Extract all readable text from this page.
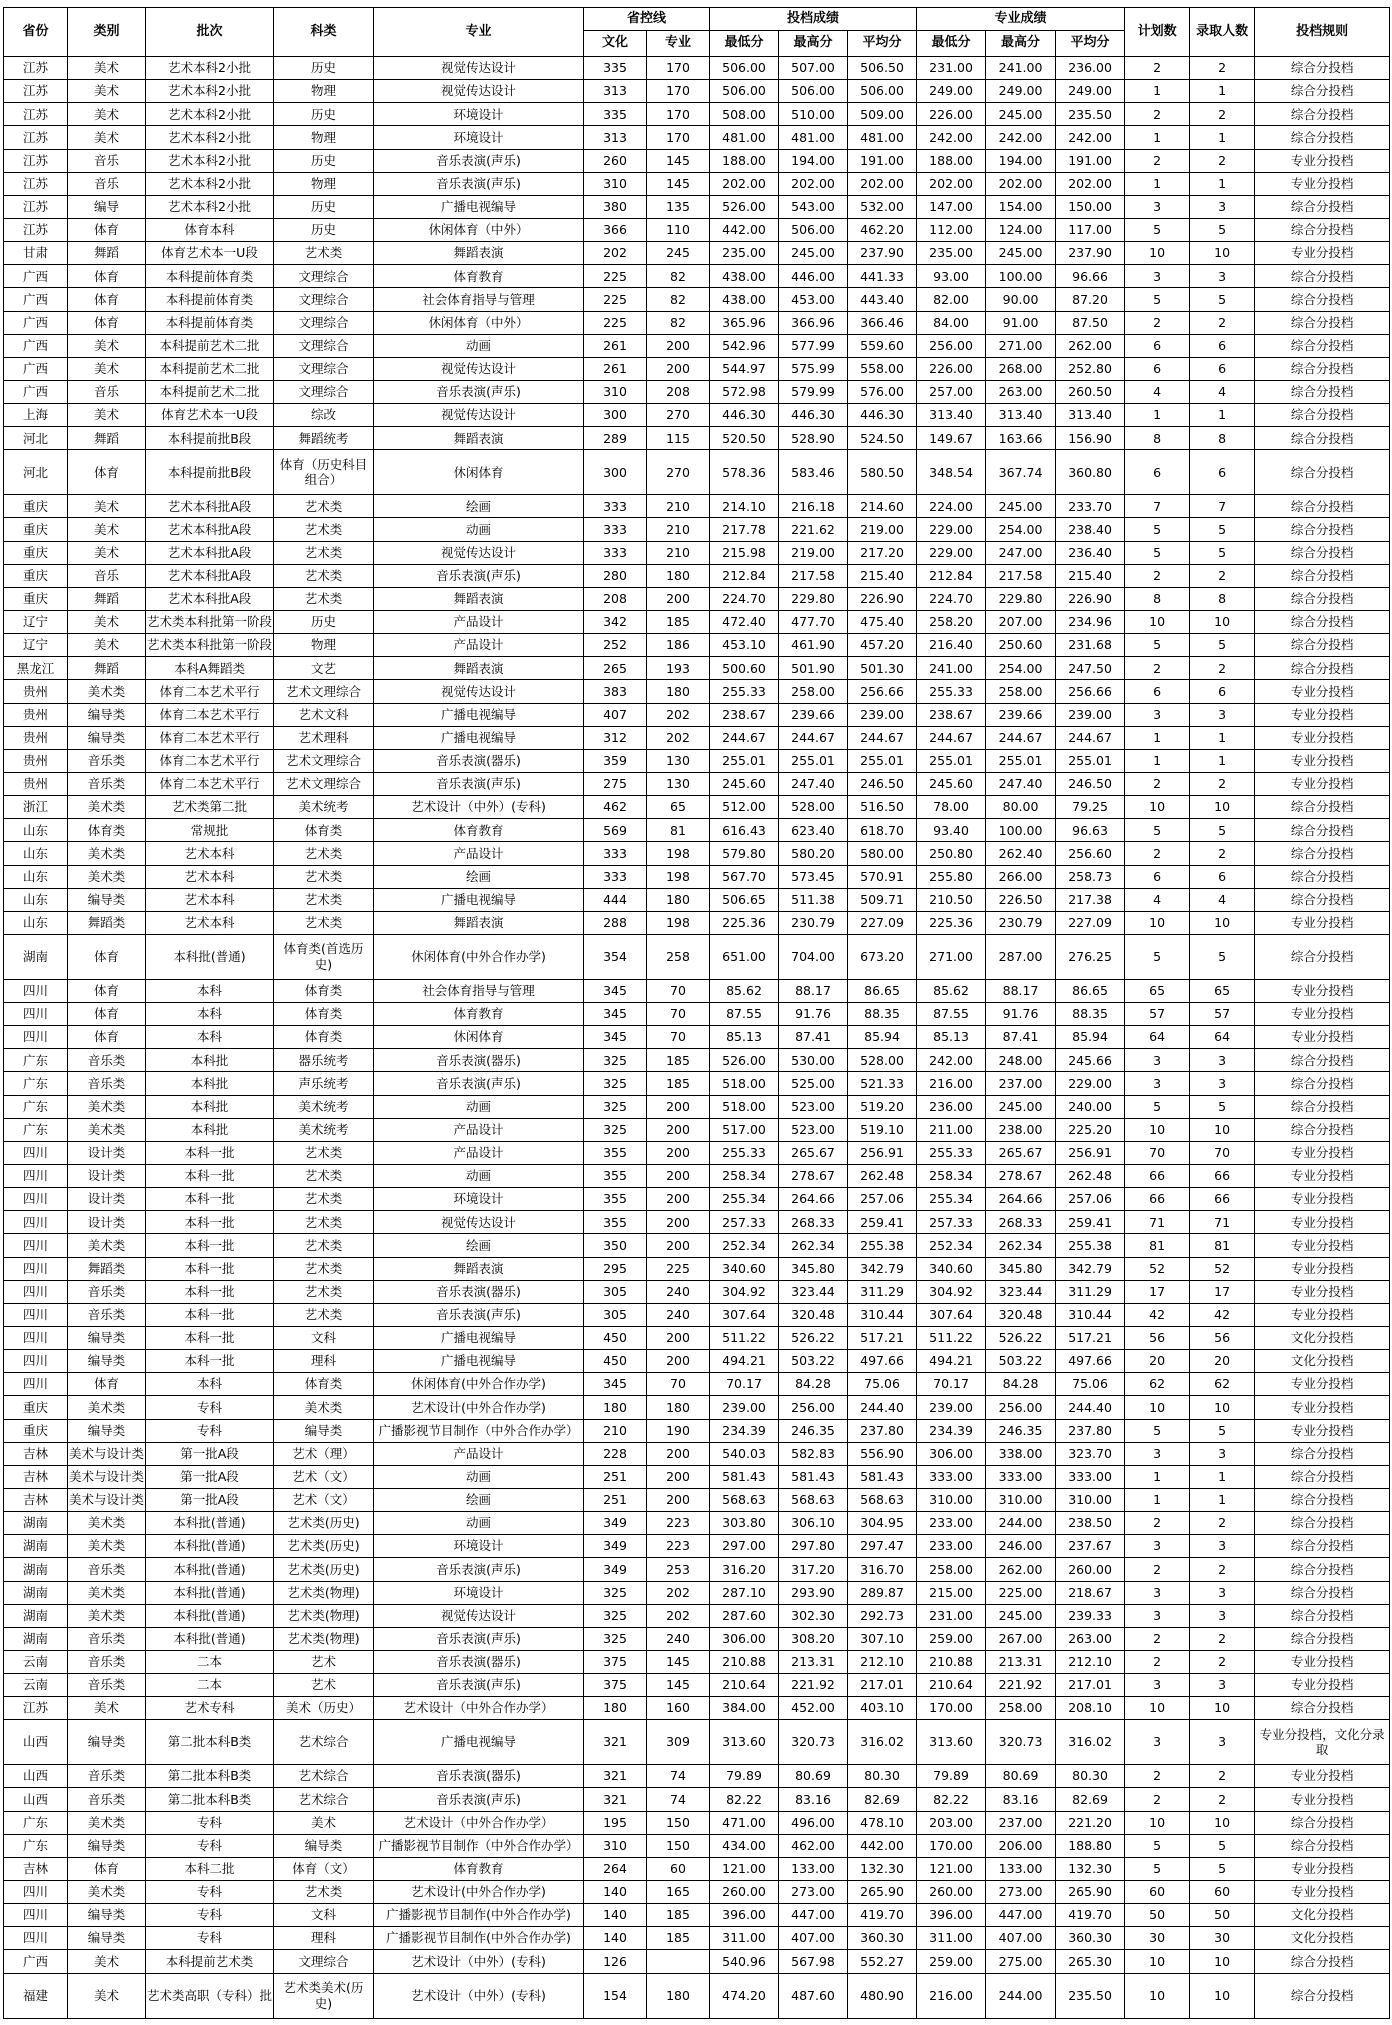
省份	类别	批次	科类	专业	省控线		投档成绩			专业成绩			计划数	录取人数	投档规则
					文化	专业	最低分	最高分	平均分	最低分	最高分	平均分			
江苏	美术	艺术本科2小批	历史	视觉传达设计	335	170	506.00	507.00	506.50	231.00	241.00	236.00	2	2	综合分投档
江苏	美术	艺术本科2小批	物理	视觉传达设计	313	170	506.00	506.00	506.00	249.00	249.00	249.00	1	1	综合分投档
江苏	美术	艺术本科2小批	历史	环境设计	335	170	508.00	510.00	509.00	226.00	245.00	235.50	2	2	综合分投档
江苏	美术	艺术本科2小批	物理	环境设计	313	170	481.00	481.00	481.00	242.00	242.00	242.00	1	1	综合分投档
江苏	音乐	艺术本科2小批	历史	音乐表演(声乐)	260	145	188.00	194.00	191.00	188.00	194.00	191.00	2	2	专业分投档
江苏	音乐	艺术本科2小批	物理	音乐表演(声乐)	310	145	202.00	202.00	202.00	202.00	202.00	202.00	1	1	专业分投档
江苏	编导	艺术本科2小批	历史	广播电视编导	380	135	526.00	543.00	532.00	147.00	154.00	150.00	3	3	综合分投档
江苏	体育	体育本科	历史	休闲体育（中外）	366	110	442.00	506.00	462.20	112.00	124.00	117.00	5	5	综合分投档
甘肃	舞蹈	体育艺术本一U段	艺术类	舞蹈表演	202	245	235.00	245.00	237.90	235.00	245.00	237.90	10	10	专业分投档
广西	体育	本科提前体育类	文理综合	体育教育	225	82	438.00	446.00	441.33	93.00	100.00	96.66	3	3	综合分投档
广西	体育	本科提前体育类	文理综合	社会体育指导与管理	225	82	438.00	453.00	443.40	82.00	90.00	87.20	5	5	综合分投档
广西	体育	本科提前体育类	文理综合	休闲体育（中外）	225	82	365.96	366.96	366.46	84.00	91.00	87.50	2	2	综合分投档
广西	美术	本科提前艺术二批	文理综合	动画	261	200	542.96	577.99	559.60	256.00	271.00	262.00	6	6	综合分投档
广西	美术	本科提前艺术二批	文理综合	视觉传达设计	261	200	544.97	575.99	558.00	226.00	268.00	252.80	6	6	综合分投档
广西	音乐	本科提前艺术二批	文理综合	音乐表演(声乐)	310	208	572.98	579.99	576.00	257.00	263.00	260.50	4	4	综合分投档
上海	美术	体育艺术本一U段	综改	视觉传达设计	300	270	446.30	446.30	446.30	313.40	313.40	313.40	1	1	综合分投档
河北	舞蹈	本科提前批B段	舞蹈统考	舞蹈表演	289	115	520.50	528.90	524.50	149.67	163.66	156.90	8	8	综合分投档
河北	体育	本科提前批B段	体育（历史科目组合）	休闲体育	300	270	578.36	583.46	580.50	348.54	367.74	360.80	6	6	综合分投档
重庆	美术	艺术本科批A段	艺术类	绘画	333	210	214.10	216.18	214.60	224.00	245.00	233.70	7	7	综合分投档
重庆	美术	艺术本科批A段	艺术类	动画	333	210	217.78	221.62	219.00	229.00	254.00	238.40	5	5	综合分投档
重庆	美术	艺术本科批A段	艺术类	视觉传达设计	333	210	215.98	219.00	217.20	229.00	247.00	236.40	5	5	综合分投档
重庆	音乐	艺术本科批A段	艺术类	音乐表演(声乐)	280	180	212.84	217.58	215.40	212.84	217.58	215.40	2	2	综合分投档
重庆	舞蹈	艺术本科批A段	艺术类	舞蹈表演	208	200	224.70	229.80	226.90	224.70	229.80	226.90	8	8	综合分投档
辽宁	美术	艺术类本科批第一阶段	历史	产品设计	342	185	472.40	477.70	475.40	258.20	207.00	234.96	10	10	综合分投档
辽宁	美术	艺术类本科批第一阶段	物理	产品设计	252	186	453.10	461.90	457.20	216.40	250.60	231.68	5	5	综合分投档
黑龙江	舞蹈	本科A舞蹈类	文艺	舞蹈表演	265	193	500.60	501.90	501.30	241.00	254.00	247.50	2	2	综合分投档
贵州	美术类	体育二本艺术平行	艺术文理综合	视觉传达设计	383	180	255.33	258.00	256.66	255.33	258.00	256.66	6	6	专业分投档
贵州	编导类	体育二本艺术平行	艺术文科	广播电视编导	407	202	238.67	239.66	239.00	238.67	239.66	239.00	3	3	专业分投档
贵州	编导类	体育二本艺术平行	艺术理科	广播电视编导	312	202	244.67	244.67	244.67	244.67	244.67	244.67	1	1	专业分投档
贵州	音乐类	体育二本艺术平行	艺术文理综合	音乐表演(器乐)	359	130	255.01	255.01	255.01	255.01	255.01	255.01	1	1	专业分投档
贵州	音乐类	体育二本艺术平行	艺术文理综合	音乐表演(声乐)	275	130	245.60	247.40	246.50	245.60	247.40	246.50	2	2	专业分投档
浙江	美术类	艺术类第二批	美术统考	艺术设计（中外）(专科)	462	65	512.00	528.00	516.50	78.00	80.00	79.25	10	10	综合分投档
山东	体育类	常规批	体育类	体育教育	569	81	616.43	623.40	618.70	93.40	100.00	96.63	5	5	综合分投档
山东	美术类	艺术本科	艺术类	产品设计	333	198	579.80	580.20	580.00	250.80	262.40	256.60	2	2	综合分投档
山东	美术类	艺术本科	艺术类	绘画	333	198	567.70	573.45	570.91	255.80	266.00	258.73	6	6	综合分投档
山东	编导类	艺术本科	艺术类	广播电视编导	444	180	506.65	511.38	509.71	210.50	226.50	217.38	4	4	综合分投档
山东	舞蹈类	艺术本科	艺术类	舞蹈表演	288	198	225.36	230.79	227.09	225.36	230.79	227.09	10	10	专业分投档
湖南	体育	本科批(普通)	体育类(首选历史)	休闲体育(中外合作办学)	354	258	651.00	704.00	673.20	271.00	287.00	276.25	5	5	综合分投档
四川	体育	本科	体育类	社会体育指导与管理	345	70	85.62	88.17	86.65	85.62	88.17	86.65	65	65	专业分投档
四川	体育	本科	体育类	体育教育	345	70	87.55	91.76	88.35	87.55	91.76	88.35	57	57	专业分投档
四川	体育	本科	体育类	休闲体育	345	70	85.13	87.41	85.94	85.13	87.41	85.94	64	64	专业分投档
广东	音乐类	本科批	器乐统考	音乐表演(器乐)	325	185	526.00	530.00	528.00	242.00	248.00	245.66	3	3	综合分投档
广东	音乐类	本科批	声乐统考	音乐表演(声乐)	325	185	518.00	525.00	521.33	216.00	237.00	229.00	3	3	综合分投档
广东	美术类	本科批	美术统考	动画	325	200	518.00	523.00	519.20	236.00	245.00	240.00	5	5	综合分投档
广东	美术类	本科批	美术统考	产品设计	325	200	517.00	523.00	519.10	211.00	238.00	225.20	10	10	综合分投档
四川	设计类	本科一批	艺术类	产品设计	355	200	255.33	265.67	256.91	255.33	265.67	256.91	70	70	专业分投档
四川	设计类	本科一批	艺术类	动画	355	200	258.34	278.67	262.48	258.34	278.67	262.48	66	66	专业分投档
四川	设计类	本科一批	艺术类	环境设计	355	200	255.34	264.66	257.06	255.34	264.66	257.06	66	66	专业分投档
四川	设计类	本科一批	艺术类	视觉传达设计	355	200	257.33	268.33	259.41	257.33	268.33	259.41	71	71	专业分投档
四川	美术类	本科一批	艺术类	绘画	350	200	252.34	262.34	255.38	252.34	262.34	255.38	81	81	专业分投档
四川	舞蹈类	本科一批	艺术类	舞蹈表演	295	225	340.60	345.80	342.79	340.60	345.80	342.79	52	52	专业分投档
四川	音乐类	本科一批	艺术类	音乐表演(器乐)	305	240	304.92	323.44	311.29	304.92	323.44	311.29	17	17	专业分投档
四川	音乐类	本科一批	艺术类	音乐表演(声乐)	305	240	307.64	320.48	310.44	307.64	320.48	310.44	42	42	专业分投档
四川	编导类	本科一批	文科	广播电视编导	450	200	511.22	526.22	517.21	511.22	526.22	517.21	56	56	文化分投档
四川	编导类	本科一批	理科	广播电视编导	450	200	494.21	503.22	497.66	494.21	503.22	497.66	20	20	文化分投档
四川	体育	本科	体育类	休闲体育(中外合作办学)	345	70	70.17	84.28	75.06	70.17	84.28	75.06	62	62	专业分投档
重庆	美术类	专科	美术类	艺术设计(中外合作办学)	180	180	239.00	256.00	244.40	239.00	256.00	244.40	10	10	专业分投档
重庆	编导类	专科	编导类	广播影视节目制作（中外合作办学）	210	190	234.39	246.35	237.80	234.39	246.35	237.80	5	5	专业分投档
吉林	美术与设计类	第一批A段	艺术（理）	产品设计	228	200	540.03	582.83	556.90	306.00	338.00	323.70	3	3	综合分投档
吉林	美术与设计类	第一批A段	艺术（文）	动画	251	200	581.43	581.43	581.43	333.00	333.00	333.00	1	1	综合分投档
吉林	美术与设计类	第一批A段	艺术（文）	绘画	251	200	568.63	568.63	568.63	310.00	310.00	310.00	1	1	综合分投档
湖南	美术类	本科批(普通)	艺术类(历史)	动画	349	223	303.80	306.10	304.95	233.00	244.00	238.50	2	2	综合分投档
湖南	美术类	本科批(普通)	艺术类(历史)	环境设计	349	223	297.00	297.80	297.47	233.00	246.00	237.67	3	3	综合分投档
湖南	音乐类	本科批(普通)	艺术类(历史)	音乐表演(声乐)	349	253	316.20	317.20	316.70	258.00	262.00	260.00	2	2	综合分投档
湖南	美术类	本科批(普通)	艺术类(物理)	环境设计	325	202	287.10	293.90	289.87	215.00	225.00	218.67	3	3	综合分投档
湖南	美术类	本科批(普通)	艺术类(物理)	视觉传达设计	325	202	287.60	302.30	292.73	231.00	245.00	239.33	3	3	综合分投档
湖南	音乐类	本科批(普通)	艺术类(物理)	音乐表演(声乐)	325	240	306.00	308.20	307.10	259.00	267.00	263.00	2	2	综合分投档
云南	音乐类	二本	艺术	音乐表演(器乐)	375	145	210.88	213.31	212.10	210.88	213.31	212.10	2	2	专业分投档
云南	音乐类	二本	艺术	音乐表演(声乐)	375	145	210.64	221.92	217.01	210.64	221.92	217.01	3	3	专业分投档
江苏	美术	艺术专科	美术（历史）	艺术设计（中外合作办学）	180	160	384.00	452.00	403.10	170.00	258.00	208.10	10	10	综合分投档
山西	编导类	第二批本科B类	艺术综合	广播电视编导	321	309	313.60	320.73	316.02	313.60	320.73	316.02	3	3	专业分投档，文化分录取
山西	音乐类	第二批本科B类	艺术综合	音乐表演(器乐)	321	74	79.89	80.69	80.30	79.89	80.69	80.30	2	2	专业分投档
山西	音乐类	第二批本科B类	艺术综合	音乐表演(声乐)	321	74	82.22	83.16	82.69	82.22	83.16	82.69	2	2	专业分投档
广东	美术类	专科	美术	艺术设计（中外合作办学）	195	150	471.00	496.00	478.10	203.00	237.00	221.20	10	10	综合分投档
广东	编导类	专科	编导类	广播影视节目制作（中外合作办学）	310	150	434.00	462.00	442.00	170.00	206.00	188.80	5	5	综合分投档
吉林	体育	本科二批	体育（文）	体育教育	264	60	121.00	133.00	132.30	121.00	133.00	132.30	5	5	专业分投档
四川	美术类	专科	艺术类	艺术设计(中外合作办学)	140	165	260.00	273.00	265.90	260.00	273.00	265.90	60	60	专业分投档
四川	编导类	专科	文科	广播影视节目制作(中外合作办学)	140	185	396.00	447.00	419.70	396.00	447.00	419.70	50	50	文化分投档
四川	编导类	专科	理科	广播影视节目制作(中外合作办学)	140	185	311.00	407.00	360.30	311.00	407.00	360.30	30	30	文化分投档
广西	美术	本科提前艺术类	文理综合	艺术设计（中外）(专科)	126		540.96	567.98	552.27	259.00	275.00	265.30	10	10	综合分投档
福建	美术	艺术类高职（专科）批	艺术类美术(历史)	艺术设计（中外）(专科)	154	180	474.20	487.60	480.90	216.00	244.00	235.50	10	10	综合分投档
